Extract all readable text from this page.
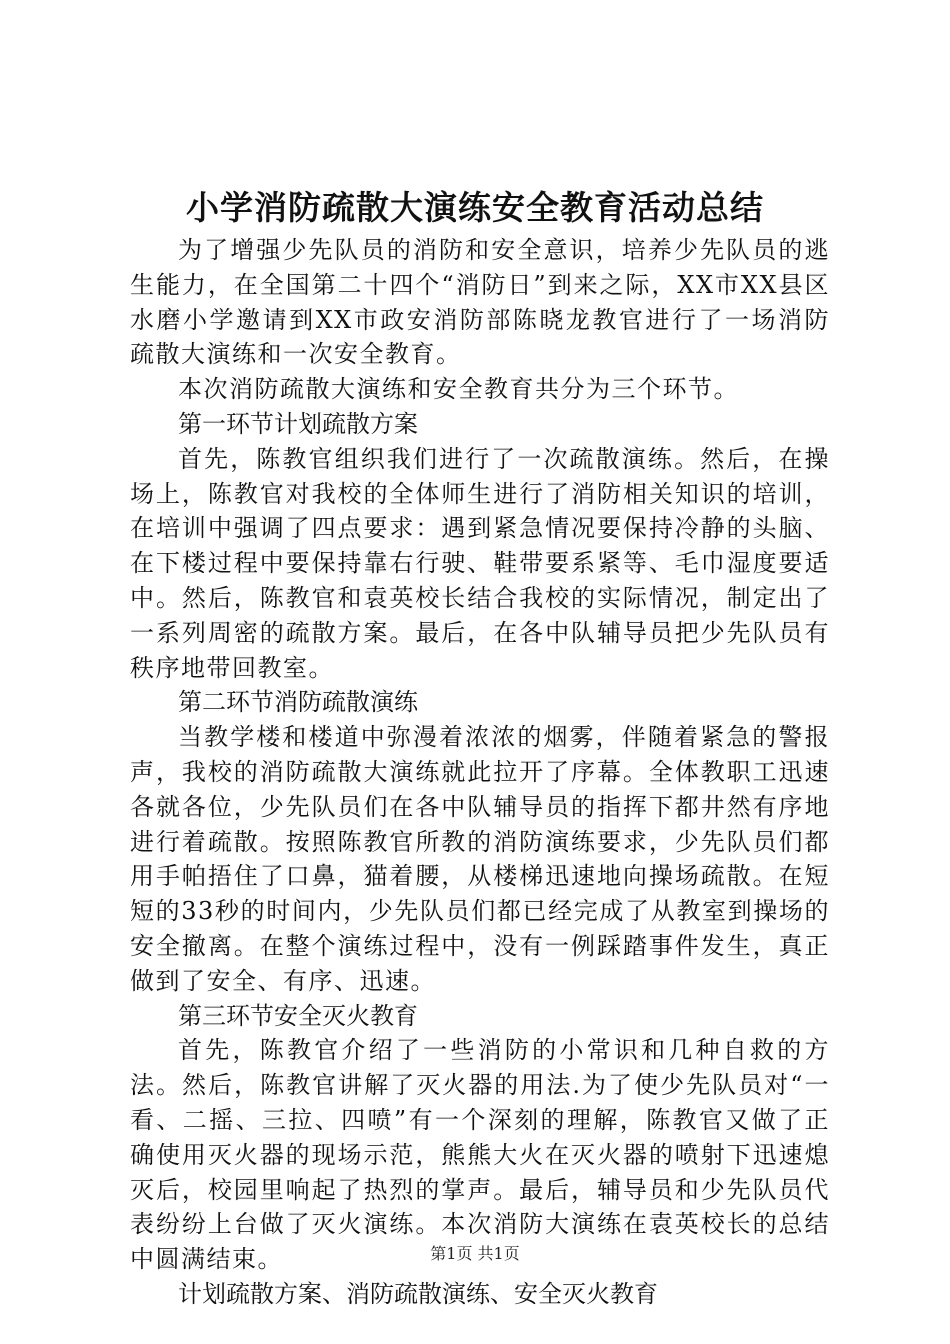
小学消防疏散大演练安全教育活动总结

为了增强少先队员的消防和安全意识，培养少先队员的逃生能力，在全国第二十四个“消防日”到来之际，XX市XX县区水磨小学邀请到XX市政安消防部陈晓龙教官进行了一场消防疏散大演练和一次安全教育。

本次消防疏散大演练和安全教育共分为三个环节。

第一环节计划疏散方案

首先，陈教官组织我们进行了一次疏散演练。然后，在操场上，陈教官对我校的全体师生进行了消防相关知识的培训，在培训中强调了四点要求：遇到紧急情况要保持冷静的头脑、在下楼过程中要保持靠右行驶、鞋带要系紧等、毛巾湿度要适中。然后，陈教官和袁英校长结合我校的实际情况，制定出了一系列周密的疏散方案。最后，在各中队辅导员把少先队员有秩序地带回教室。

第二环节消防疏散演练

当教学楼和楼道中弥漫着浓浓的烟雾，伴随着紧急的警报声，我校的消防疏散大演练就此拉开了序幕。全体教职工迅速各就各位，少先队员们在各中队辅导员的指挥下都井然有序地进行着疏散。按照陈教官所教的消防演练要求，少先队员们都用手帕捂住了口鼻，猫着腰，从楼梯迅速地向操场疏散。在短短的33秒的时间内，少先队员们都已经完成了从教室到操场的安全撤离。在整个演练过程中，没有一例踩踏事件发生，真正做到了安全、有序、迅速。

第三环节安全灭火教育

首先，陈教官介绍了一些消防的小常识和几种自救的方法。然后，陈教官讲解了灭火器的用法.为了使少先队员对“一看、二摇、三拉、四喷”有一个深刻的理解，陈教官又做了正确使用灭火器的现场示范，熊熊大火在灭火器的喷射下迅速熄灭后，校园里响起了热烈的掌声。最后，辅导员和少先队员代表纷纷上台做了灭火演练。本次消防大演练在袁英校长的总结中圆满结束。

计划疏散方案、消防疏散演练、安全灭火教育

第1页 共1页
